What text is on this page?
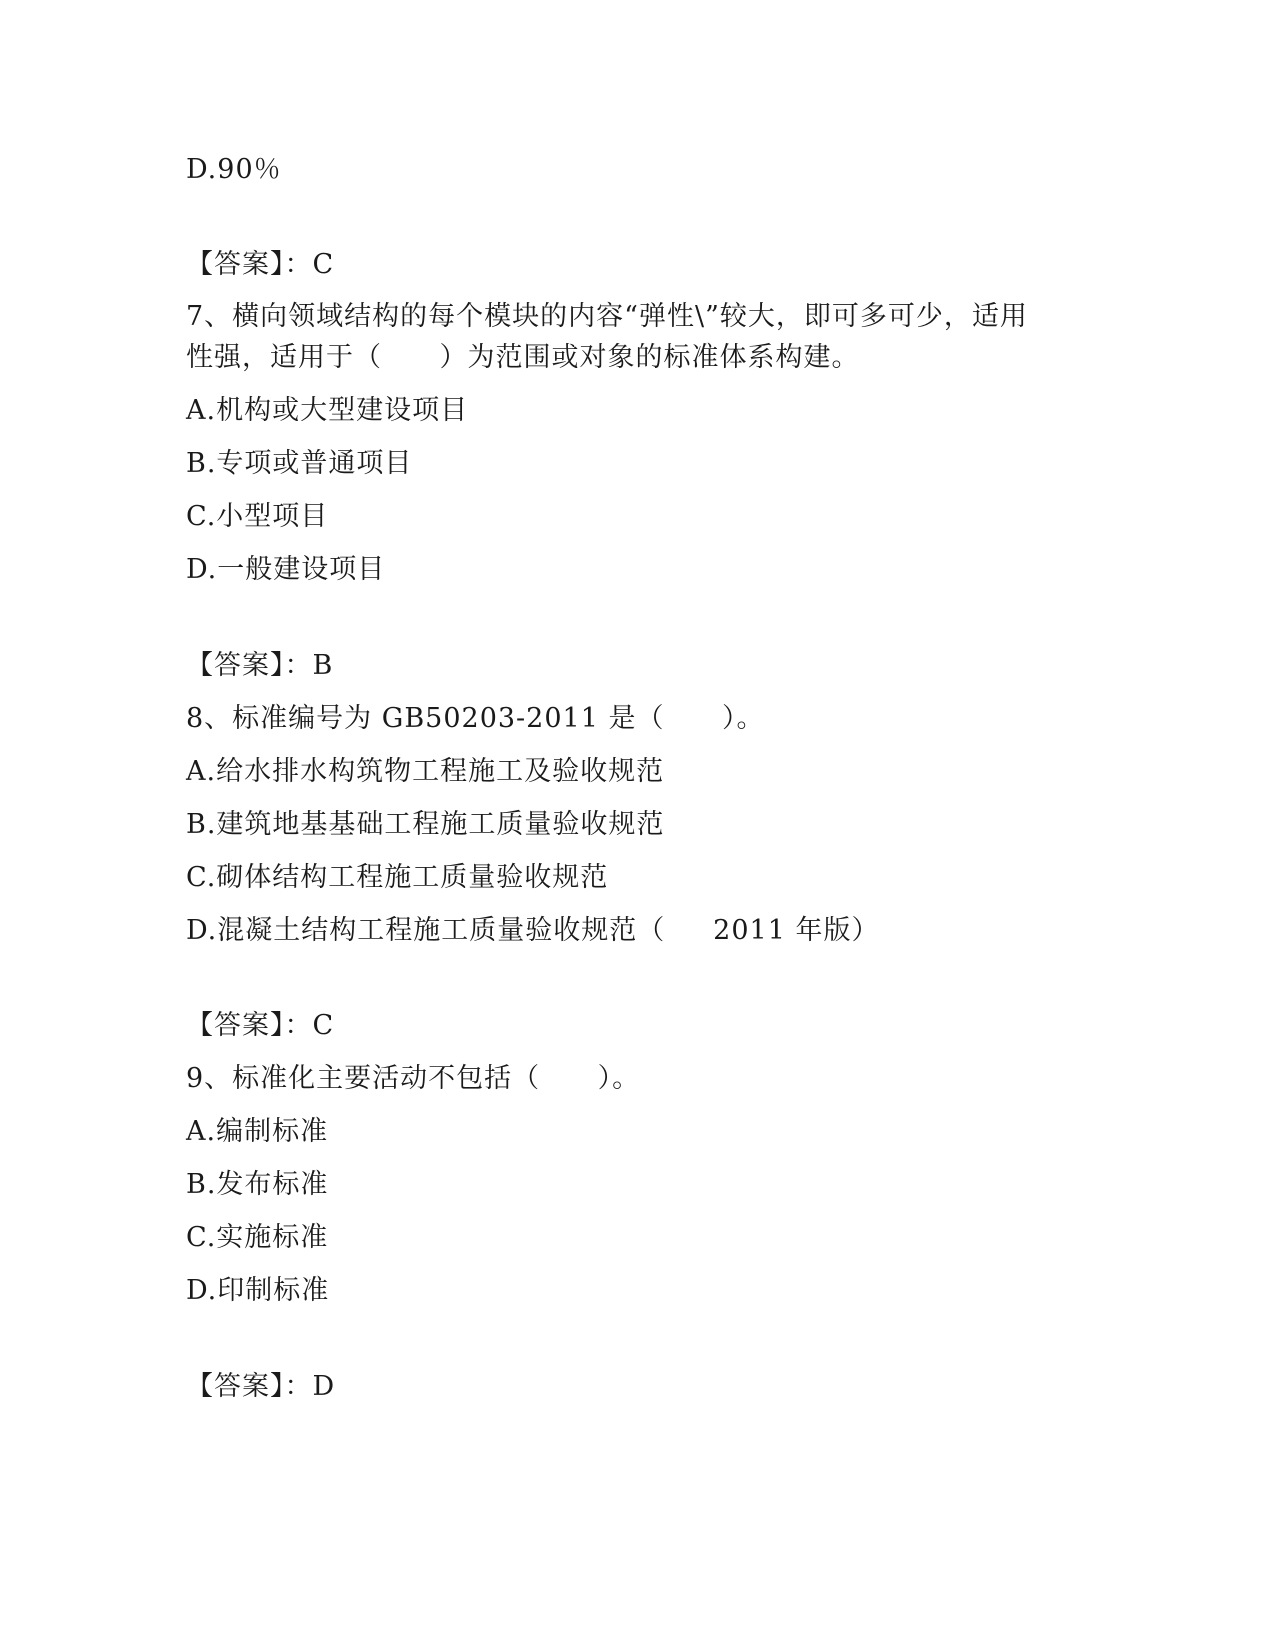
D.90％
【答案】：C
7、横向领域结构的每个模块的内容“弹性\”较大，即可多可少，适用
性强，适用于（      ）为范围或对象的标准体系构建。
A.机构或大型建设项目
B.专项或普通项目
C.小型项目
D.一般建设项目
【答案】：B
8、标准编号为 GB50203-2011 是（      ）。
A.给水排水构筑物工程施工及验收规范
B.建筑地基基础工程施工质量验收规范
C.砌体结构工程施工质量验收规范
D.混凝土结构工程施工质量验收规范（     2011 年版）
【答案】：C
9、标准化主要活动不包括（      ）。
A.编制标准
B.发布标准
C.实施标准
D.印制标准
【答案】：D
